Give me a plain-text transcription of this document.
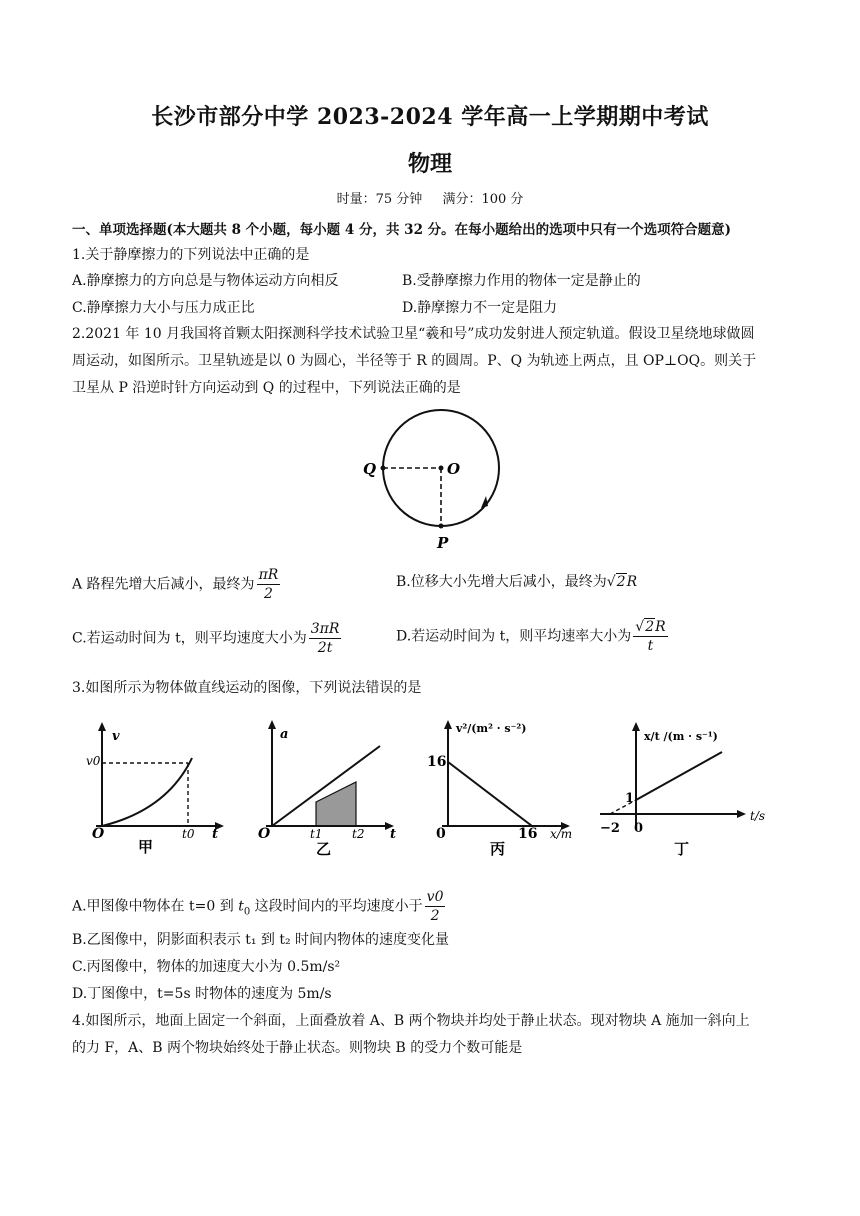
长沙市部分中学 2023-2024 学年高一上学期期中考试
物理
时量：75 分钟 满分：100 分
一、单项选择题(本大题共 8 个小题，每小题 4 分，共 32 分。在每小题给出的选项中只有一个选项符合题意)
1.关于静摩擦力的下列说法中正确的是
A.静摩擦力的方向总是与物体运动方向相反	B.受静摩擦力作用的物体一定是静止的
C.静摩擦力大小与压力成正比	D.静摩擦力不一定是阻力
2.2021 年 10 月我国将首颗太阳探测科学技术试验卫星“羲和号”成功发射进人预定轨道。假设卫星绕地球做圆
周运动，如图所示。卫星轨迹是以 0 为圆心，半径等于 R 的圆周。P、Q 为轨迹上两点，且 OP⊥OQ。则关于
卫星从 P 沿逆时针方向运动到 Q 的过程中，下列说法正确的是
Q	O
P
A 路程先增大后减小，最终为 $\frac{\pi R}{2}$	B.位移大小先增大后减小，最终为√2R
C.若运动时间为 t，则平均速度大小为 $\frac{3\pi R}{2t}$	D.若运动时间为 t，则平均速率大小为 $\frac{√2R}{t}$
3.如图所示为物体做直线运动的图像，下列说法错误的是
v
v0
O	t0 t
甲
a
O	t1 t2 t
乙
v²/(m² · s⁻²)
16
0	16 x/m
丙
x/t /(m · s⁻¹)
1
−2 0
t/s
丁
A.甲图像中物体在 t=0 到 $t_0$ 这段时间内的平均速度小于 $\frac{v0}{2}$
B.乙图像中，阴影面积表示 t₁ 到 t₂ 时间内物体的速度变化量
C.丙图像中，物体的加速度大小为 0.5m/s²
D.丁图像中，t=5s 时物体的速度为 5m/s
4.如图所示，地面上固定一个斜面，上面叠放着 A、B 两个物块并均处于静止状态。现对物块 A 施加一斜向上
的力 F，A、B 两个物块始终处于静止状态。则物块 B 的受力个数可能是
